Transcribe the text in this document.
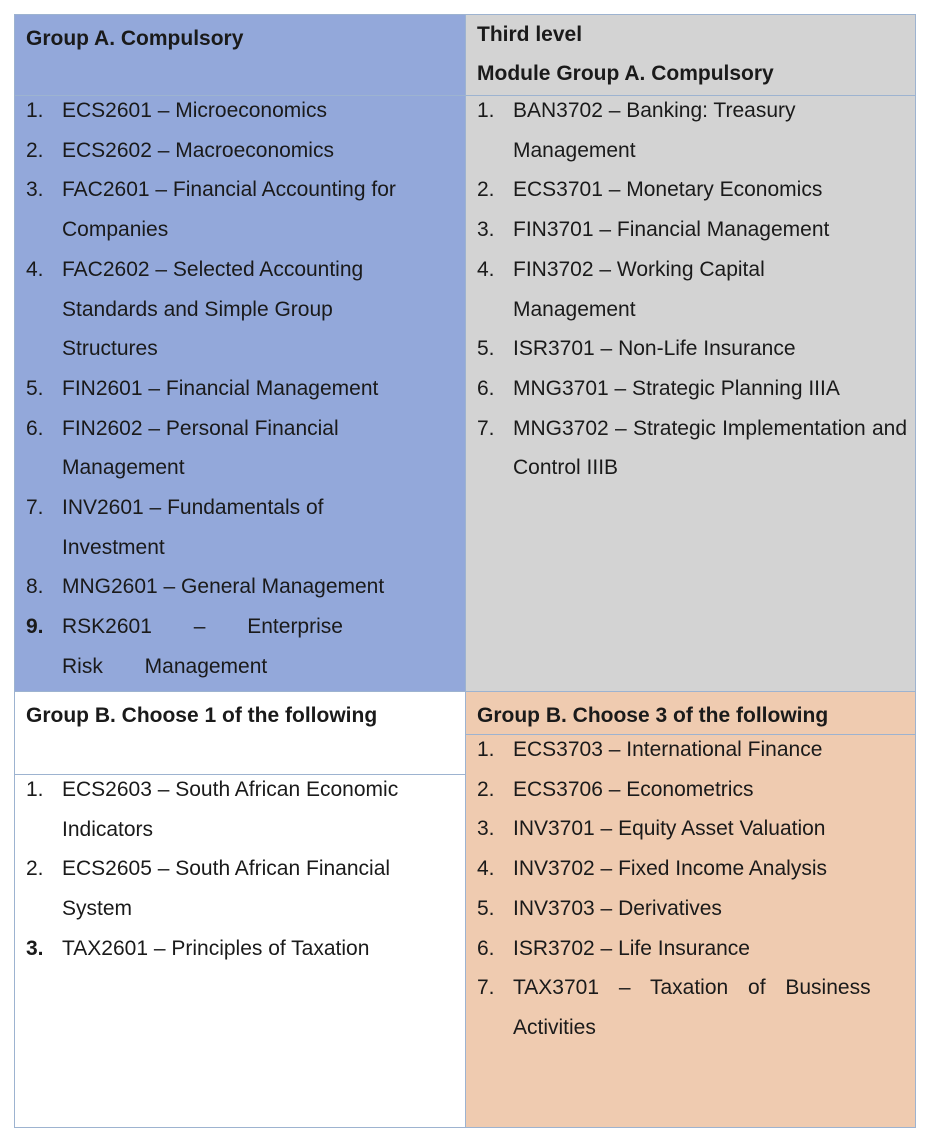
Group A. Compulsory
1. ECS2601 – Microeconomics
2. ECS2602 – Macroeconomics
3. FAC2601 – Financial Accounting for Companies
4. FAC2602 – Selected Accounting Standards and Simple Group Structures
5. FIN2601 – Financial Management
6. FIN2602 – Personal Financial Management
7. INV2601 – Fundamentals of Investment
8. MNG2601 – General Management
9. RSK2601 – Enterprise Risk Management
Third level
Module Group A. Compulsory
1. BAN3702 – Banking: Treasury Management
2. ECS3701 – Monetary Economics
3. FIN3701 – Financial Management
4. FIN3702 – Working Capital Management
5. ISR3701 – Non-Life Insurance
6. MNG3701 – Strategic Planning IIIA
7. MNG3702 – Strategic Implementation and Control IIIB
Group B. Choose 1 of the following
1. ECS2603 – South African Economic Indicators
2. ECS2605 – South African Financial System
3. TAX2601 – Principles of Taxation
Group B. Choose 3 of the following
1. ECS3703 – International Finance
2. ECS3706 – Econometrics
3. INV3701 – Equity Asset Valuation
4. INV3702 – Fixed Income Analysis
5. INV3703 – Derivatives
6. ISR3702 – Life Insurance
7. TAX3701 – Taxation of Business Activities
